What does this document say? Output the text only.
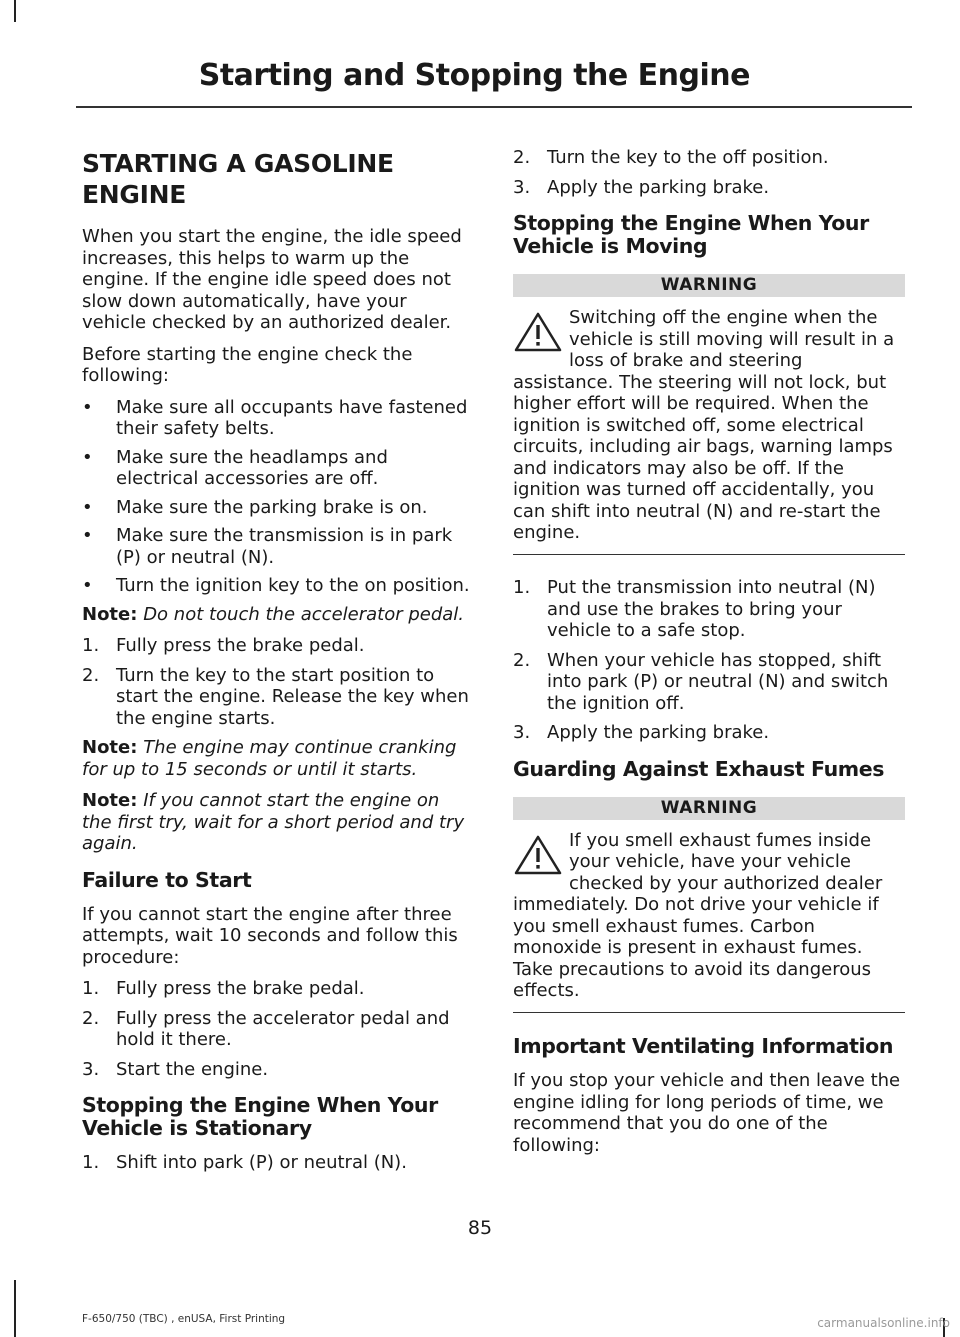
Starting and Stopping the Engine
STARTING A GASOLINE ENGINE

When you start the engine, the idle speed increases, this helps to warm up the engine. If the engine idle speed does not slow down automatically, have your vehicle checked by an authorized dealer.

Before starting the engine check the following:

• Make sure all occupants have fastened their safety belts.
• Make sure the headlamps and electrical accessories are off.
• Make sure the parking brake is on.
• Make sure the transmission is in park (P) or neutral (N).
• Turn the ignition key to the on position.

Note: Do not touch the accelerator pedal.

1. Fully press the brake pedal.
2. Turn the key to the start position to start the engine. Release the key when the engine starts.

Note: The engine may continue cranking for up to 15 seconds or until it starts.

Note: If you cannot start the engine on the first try, wait for a short period and try again.

Failure to Start

If you cannot start the engine after three attempts, wait 10 seconds and follow this procedure:

1. Fully press the brake pedal.
2. Fully press the accelerator pedal and hold it there.
3. Start the engine.
Stopping the Engine When Your Vehicle is Stationary
1. Shift into park (P) or neutral (N).
2. Turn the key to the off position.
3. Apply the parking brake.
Stopping the Engine When Your Vehicle is Moving
WARNING
Switching off the engine when the vehicle is still moving will result in a loss of brake and steering assistance. The steering will not lock, but higher effort will be required. When the ignition is switched off, some electrical circuits, including air bags, warning lamps and indicators may also be off. If the ignition was turned off accidentally, you can shift into neutral (N) and re-start the engine.
1. Put the transmission into neutral (N) and use the brakes to bring your vehicle to a safe stop.
2. When your vehicle has stopped, shift into park (P) or neutral (N) and switch the ignition off.
3. Apply the parking brake.
Guarding Against Exhaust Fumes
WARNING
If you smell exhaust fumes inside your vehicle, have your vehicle checked by your authorized dealer immediately. Do not drive your vehicle if you smell exhaust fumes. Carbon monoxide is present in exhaust fumes. Take precautions to avoid its dangerous effects.
Important Ventilating Information

If you stop your vehicle and then leave the engine idling for long periods of time, we recommend that you do one of the following:

85
F-650/750 (TBC) , enUSA, First Printing	carmanualsonline.info
